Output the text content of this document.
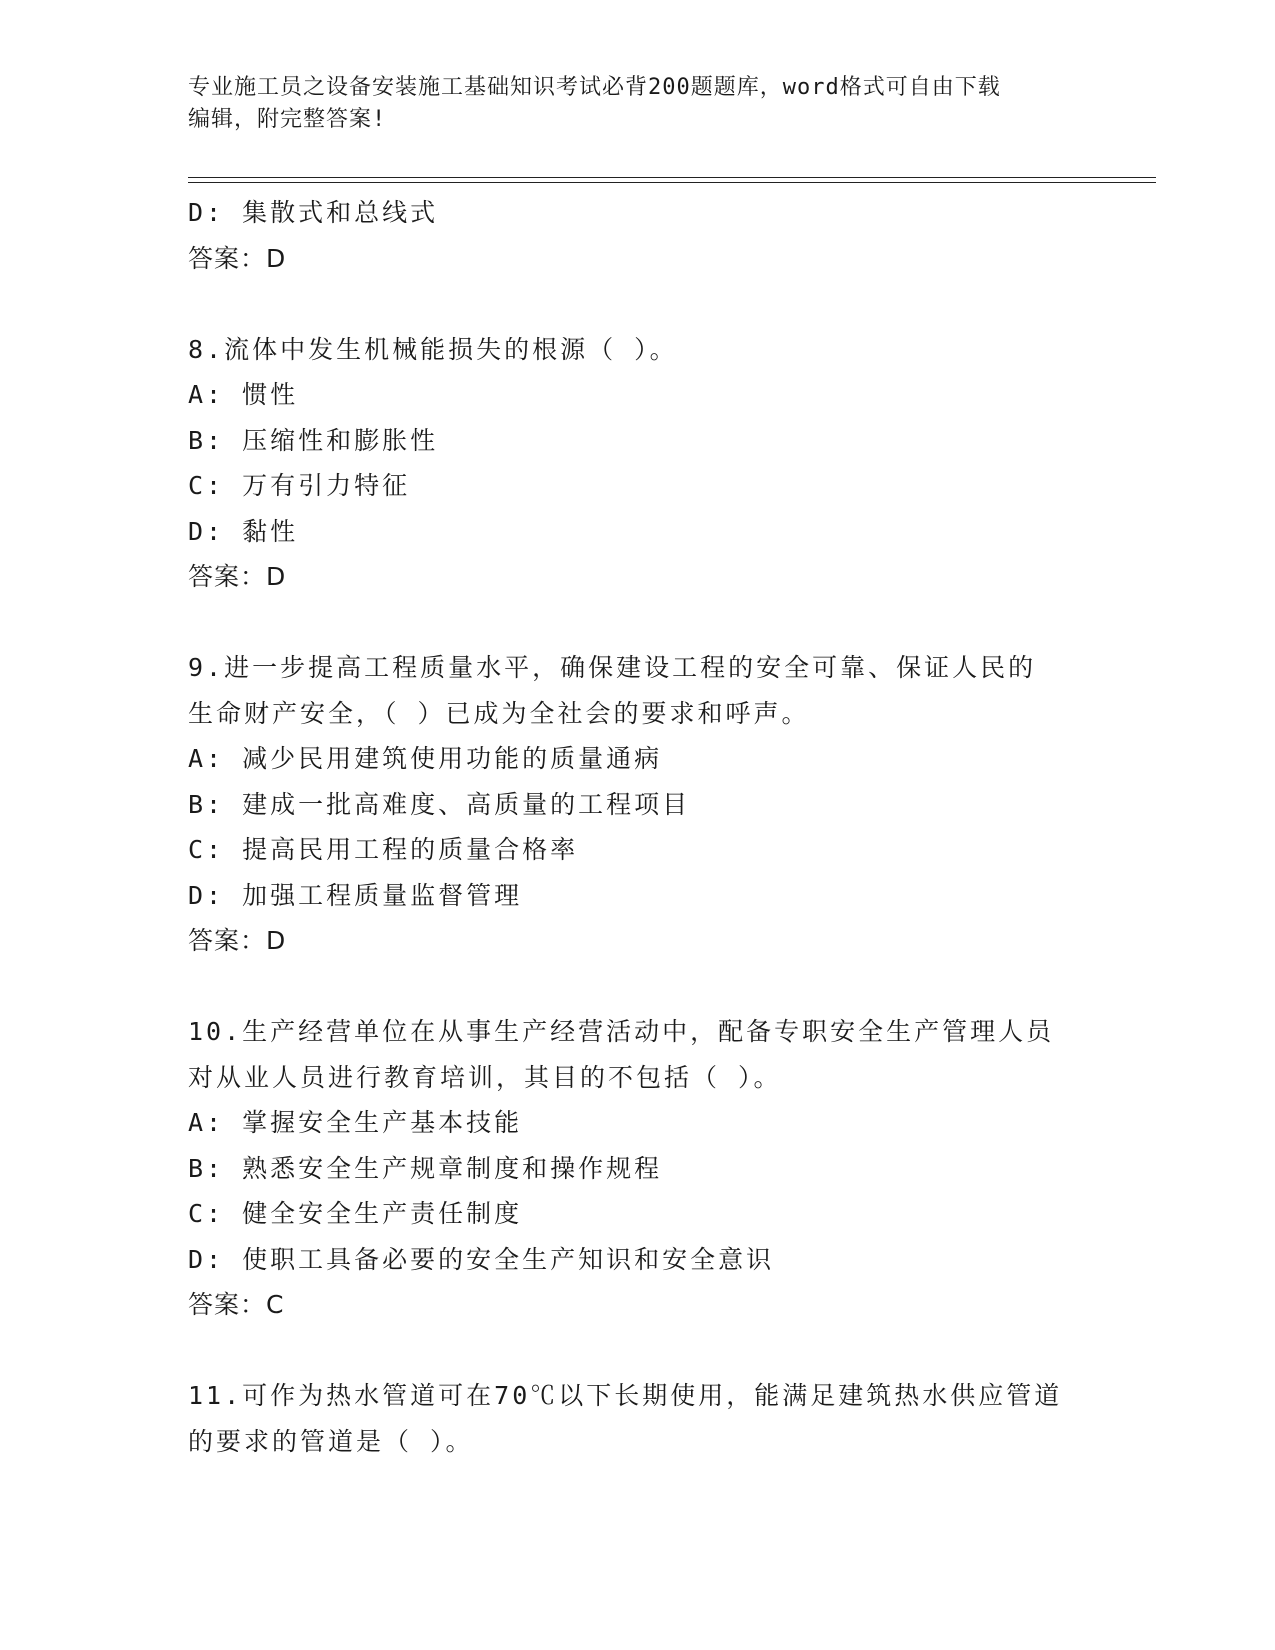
专业施工员之设备安装施工基础知识考试必背200题题库，word格式可自由下载
编辑，附完整答案!
D: 集散式和总线式
答案：D
8.流体中发生机械能损失的根源（ ）。
A: 惯性
B: 压缩性和膨胀性
C: 万有引力特征
D: 黏性
答案：D
9.进一步提高工程质量水平，确保建设工程的安全可靠、保证人民的
生命财产安全，（ ）已成为全社会的要求和呼声。
A: 减少民用建筑使用功能的质量通病
B: 建成一批高难度、高质量的工程项目
C: 提高民用工程的质量合格率
D: 加强工程质量监督管理
答案：D
10.生产经营单位在从事生产经营活动中，配备专职安全生产管理人员
对从业人员进行教育培训，其目的不包括（ ）。
A: 掌握安全生产基本技能
B: 熟悉安全生产规章制度和操作规程
C: 健全安全生产责任制度
D: 使职工具备必要的安全生产知识和安全意识
答案：C
11.可作为热水管道可在70℃以下长期使用，能满足建筑热水供应管道
的要求的管道是（ ）。
